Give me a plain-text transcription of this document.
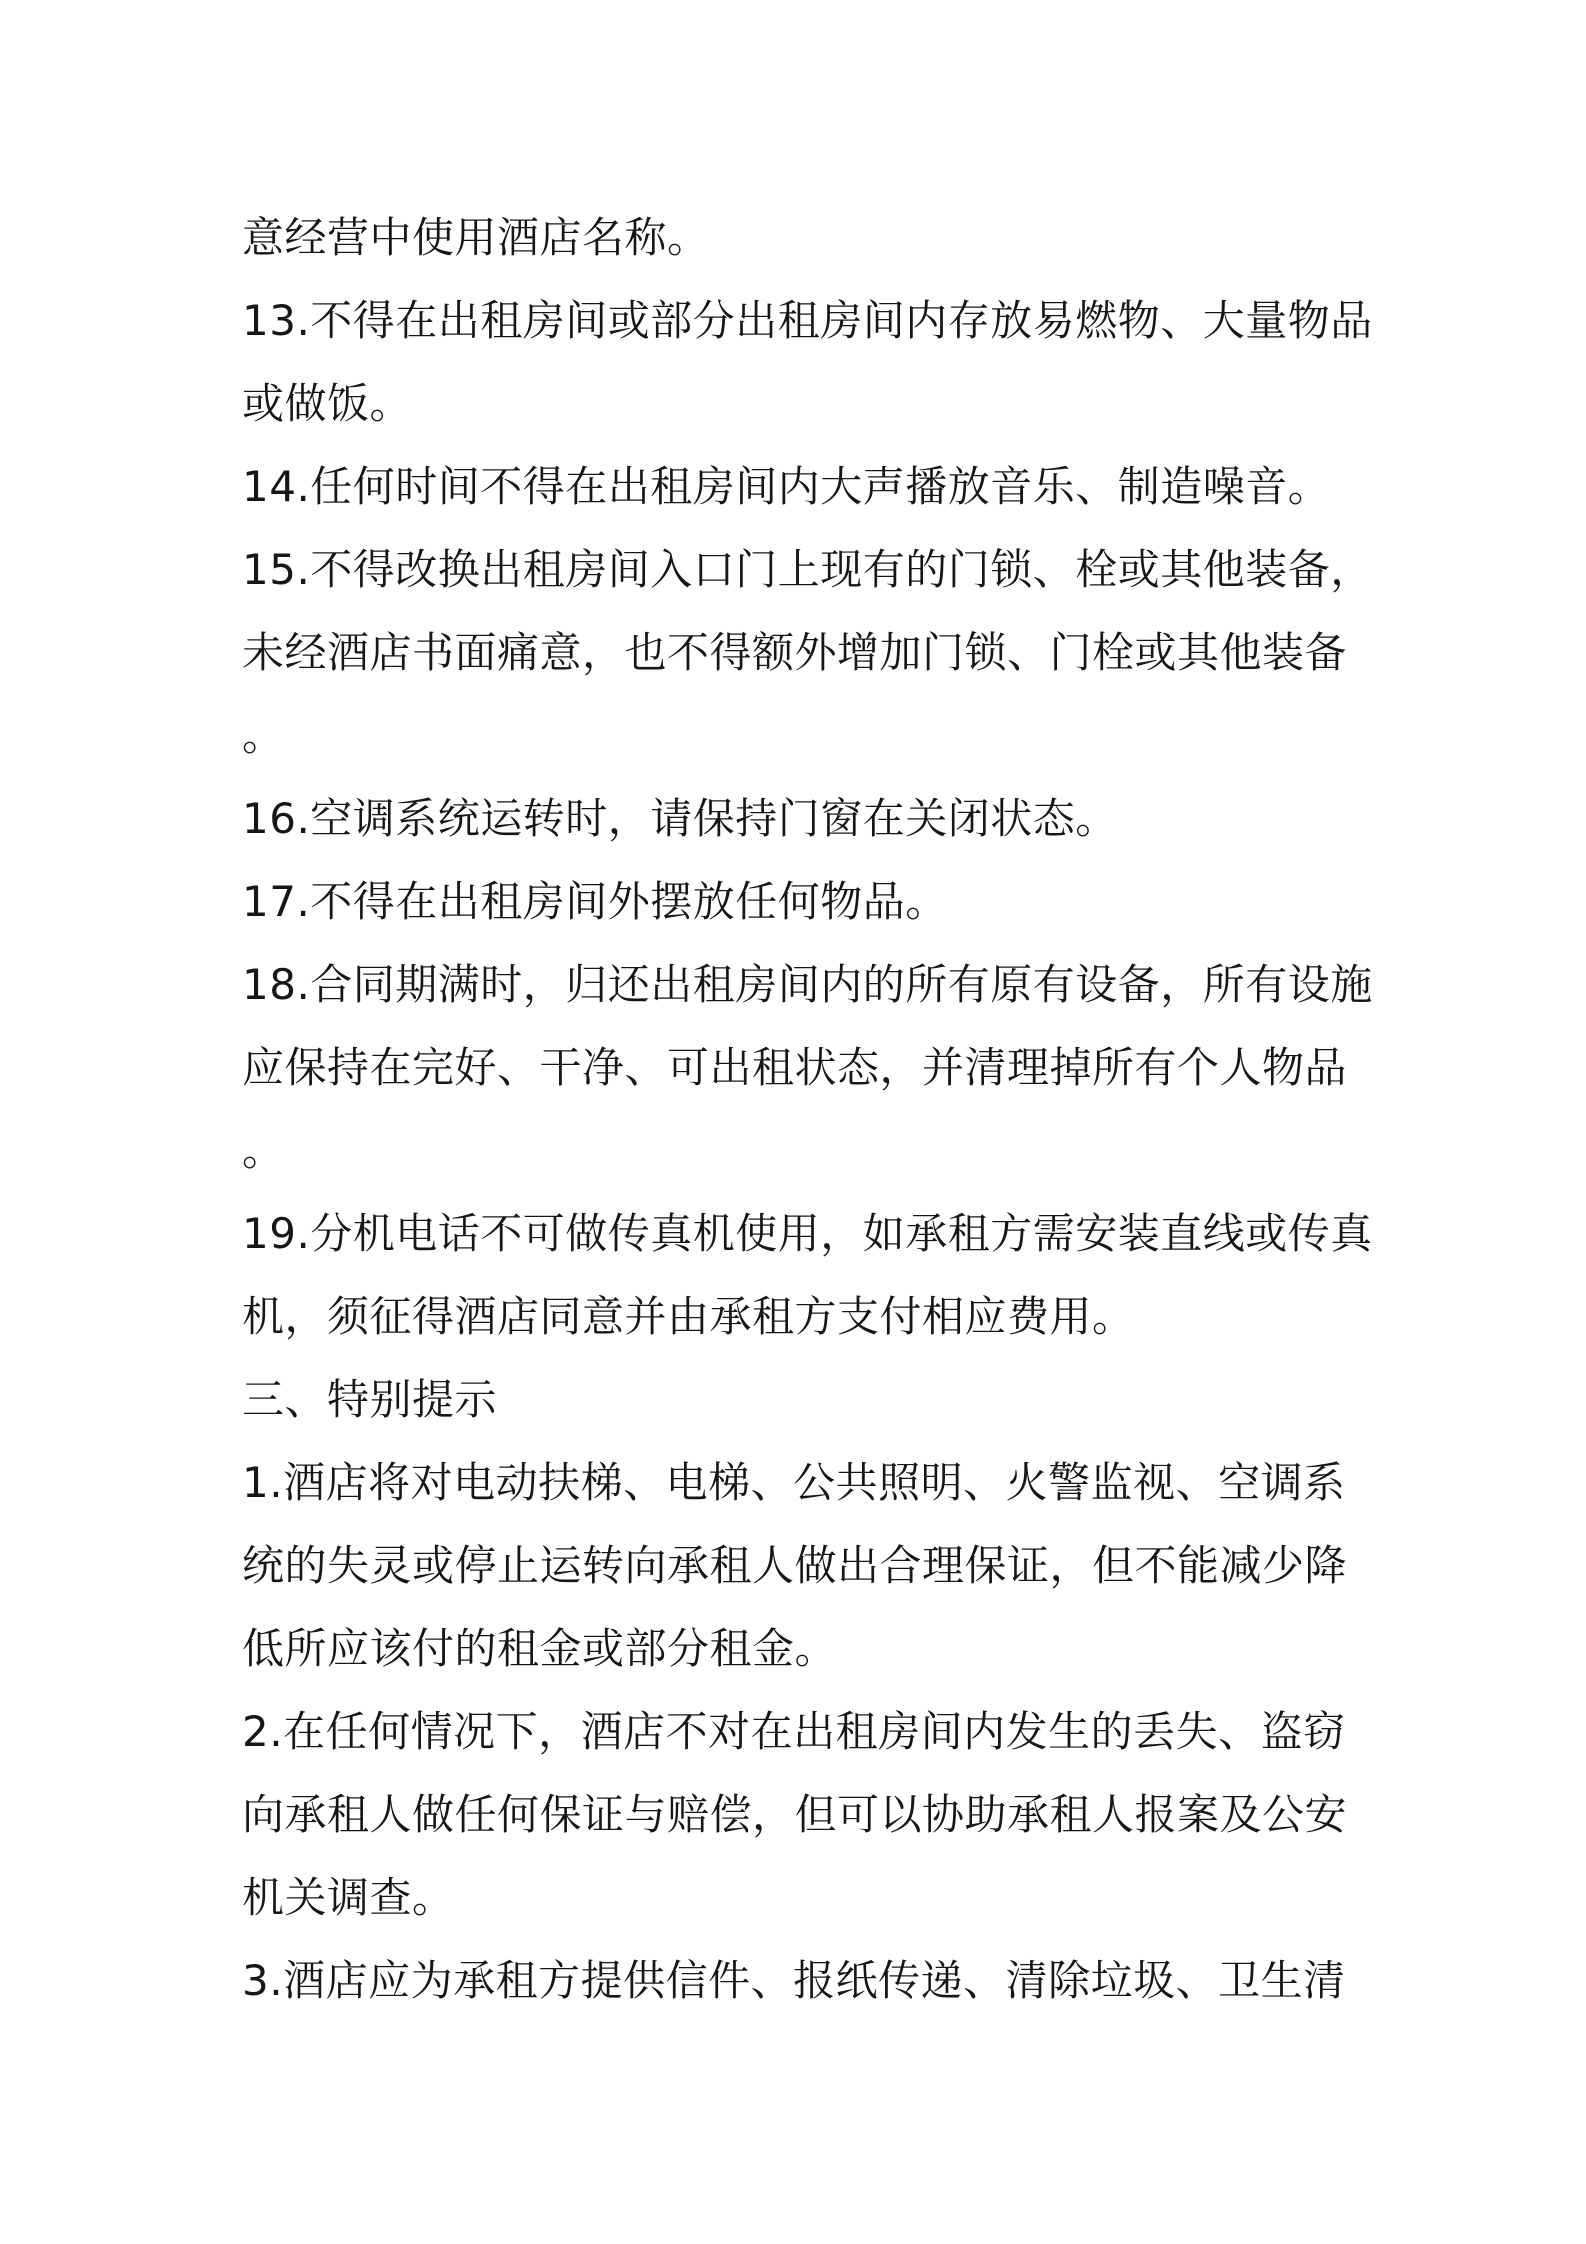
意经营中使用酒店名称。

13.不得在出租房间或部分出租房间内存放易燃物、大量物品

或做饭。

14.任何时间不得在出租房间内大声播放音乐、制造噪音。

15.不得改换出租房间入口门上现有的门锁、栓或其他装备，

未经酒店书面痛意，也不得额外增加门锁、门栓或其他装备

。

16.空调系统运转时，请保持门窗在关闭状态。

17.不得在出租房间外摆放任何物品。

18.合同期满时，归还出租房间内的所有原有设备，所有设施

应保持在完好、干净、可出租状态，并清理掉所有个人物品

。

19.分机电话不可做传真机使用，如承租方需安装直线或传真

机，须征得酒店同意并由承租方支付相应费用。

三、特别提示

1.酒店将对电动扶梯、电梯、公共照明、火警监视、空调系

统的失灵或停止运转向承租人做出合理保证，但不能减少降

低所应该付的租金或部分租金。

2.在任何情况下，酒店不对在出租房间内发生的丢失、盗窃

向承租人做任何保证与赔偿，但可以协助承租人报案及公安

机关调查。

3.酒店应为承租方提供信件、报纸传递、清除垃圾、卫生清
